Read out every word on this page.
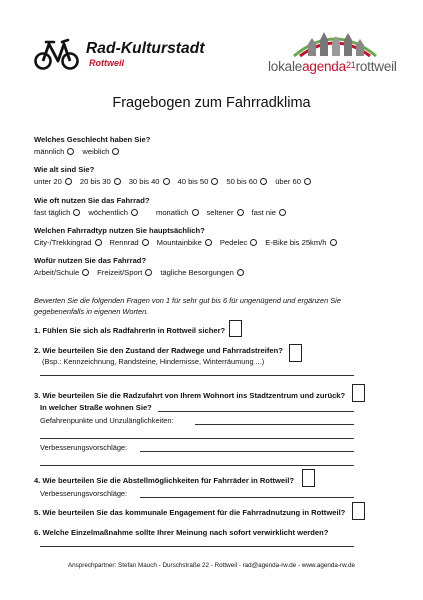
Rad-Kulturstadt
Rottweil	lokaleagenda$^{21}$rottweil
Fragebogen zum Fahrradklima
Welches Geschlecht haben Sie?
männlich weiblich
Wie alt sind Sie?
unter 20 20 bis 30 30 bis 40 40 bis 50 50 bis 60 über 60
Wie oft nutzen Sie das Fahrrad?
fast täglich wöchentlich	monatlich seltener fast nie
Welchen Fahrradtyp nutzen Sie hauptsächlich?
City-/Trekkingrad Rennrad Mountainbike Pedelec E-Bike bis 25km/h
Wofür nutzen Sie das Fahrrad?
Arbeit/Schule Freizeit/Sport tägliche Besorgungen
Bewerten Sie die folgenden Fragen von 1 für sehr gut bis 6 für ungenügend und ergänzen Sie gegebenenfalls in eigenen Worten.
1. Fühlen Sie sich als RadfahrerIn in Rottweil sicher?
2. Wie beurteilen Sie den Zustand der Radwege und Fahrradstreifen?
(Bsp.: Kennzeichnung, Randsteine, Hindernisse, Winterräumung ...)
3. Wie beurteilen Sie die Radzufahrt von Ihrem Wohnort ins Stadtzentrum und zurück?
In welcher Straße wohnen Sie?
Gefahrenpunkte und Unzulänglichkeiten:
Verbesserungsvorschläge:
4. Wie beurteilen Sie die Abstellmöglichkeiten für Fahrräder in Rottweil?
Verbesserungsvorschläge:
5. Wie beurteilen Sie das kommunale Engagement für die Fahrradnutzung in Rottweil?
6. Welche Einzelmaßnahme sollte Ihrer Meinung nach sofort verwirklicht werden?
Ansprechpartner: Stefan Mauch - Durschstraße 22 - Rottweil - rad@agenda-rw.de - www.agenda-rw.de
